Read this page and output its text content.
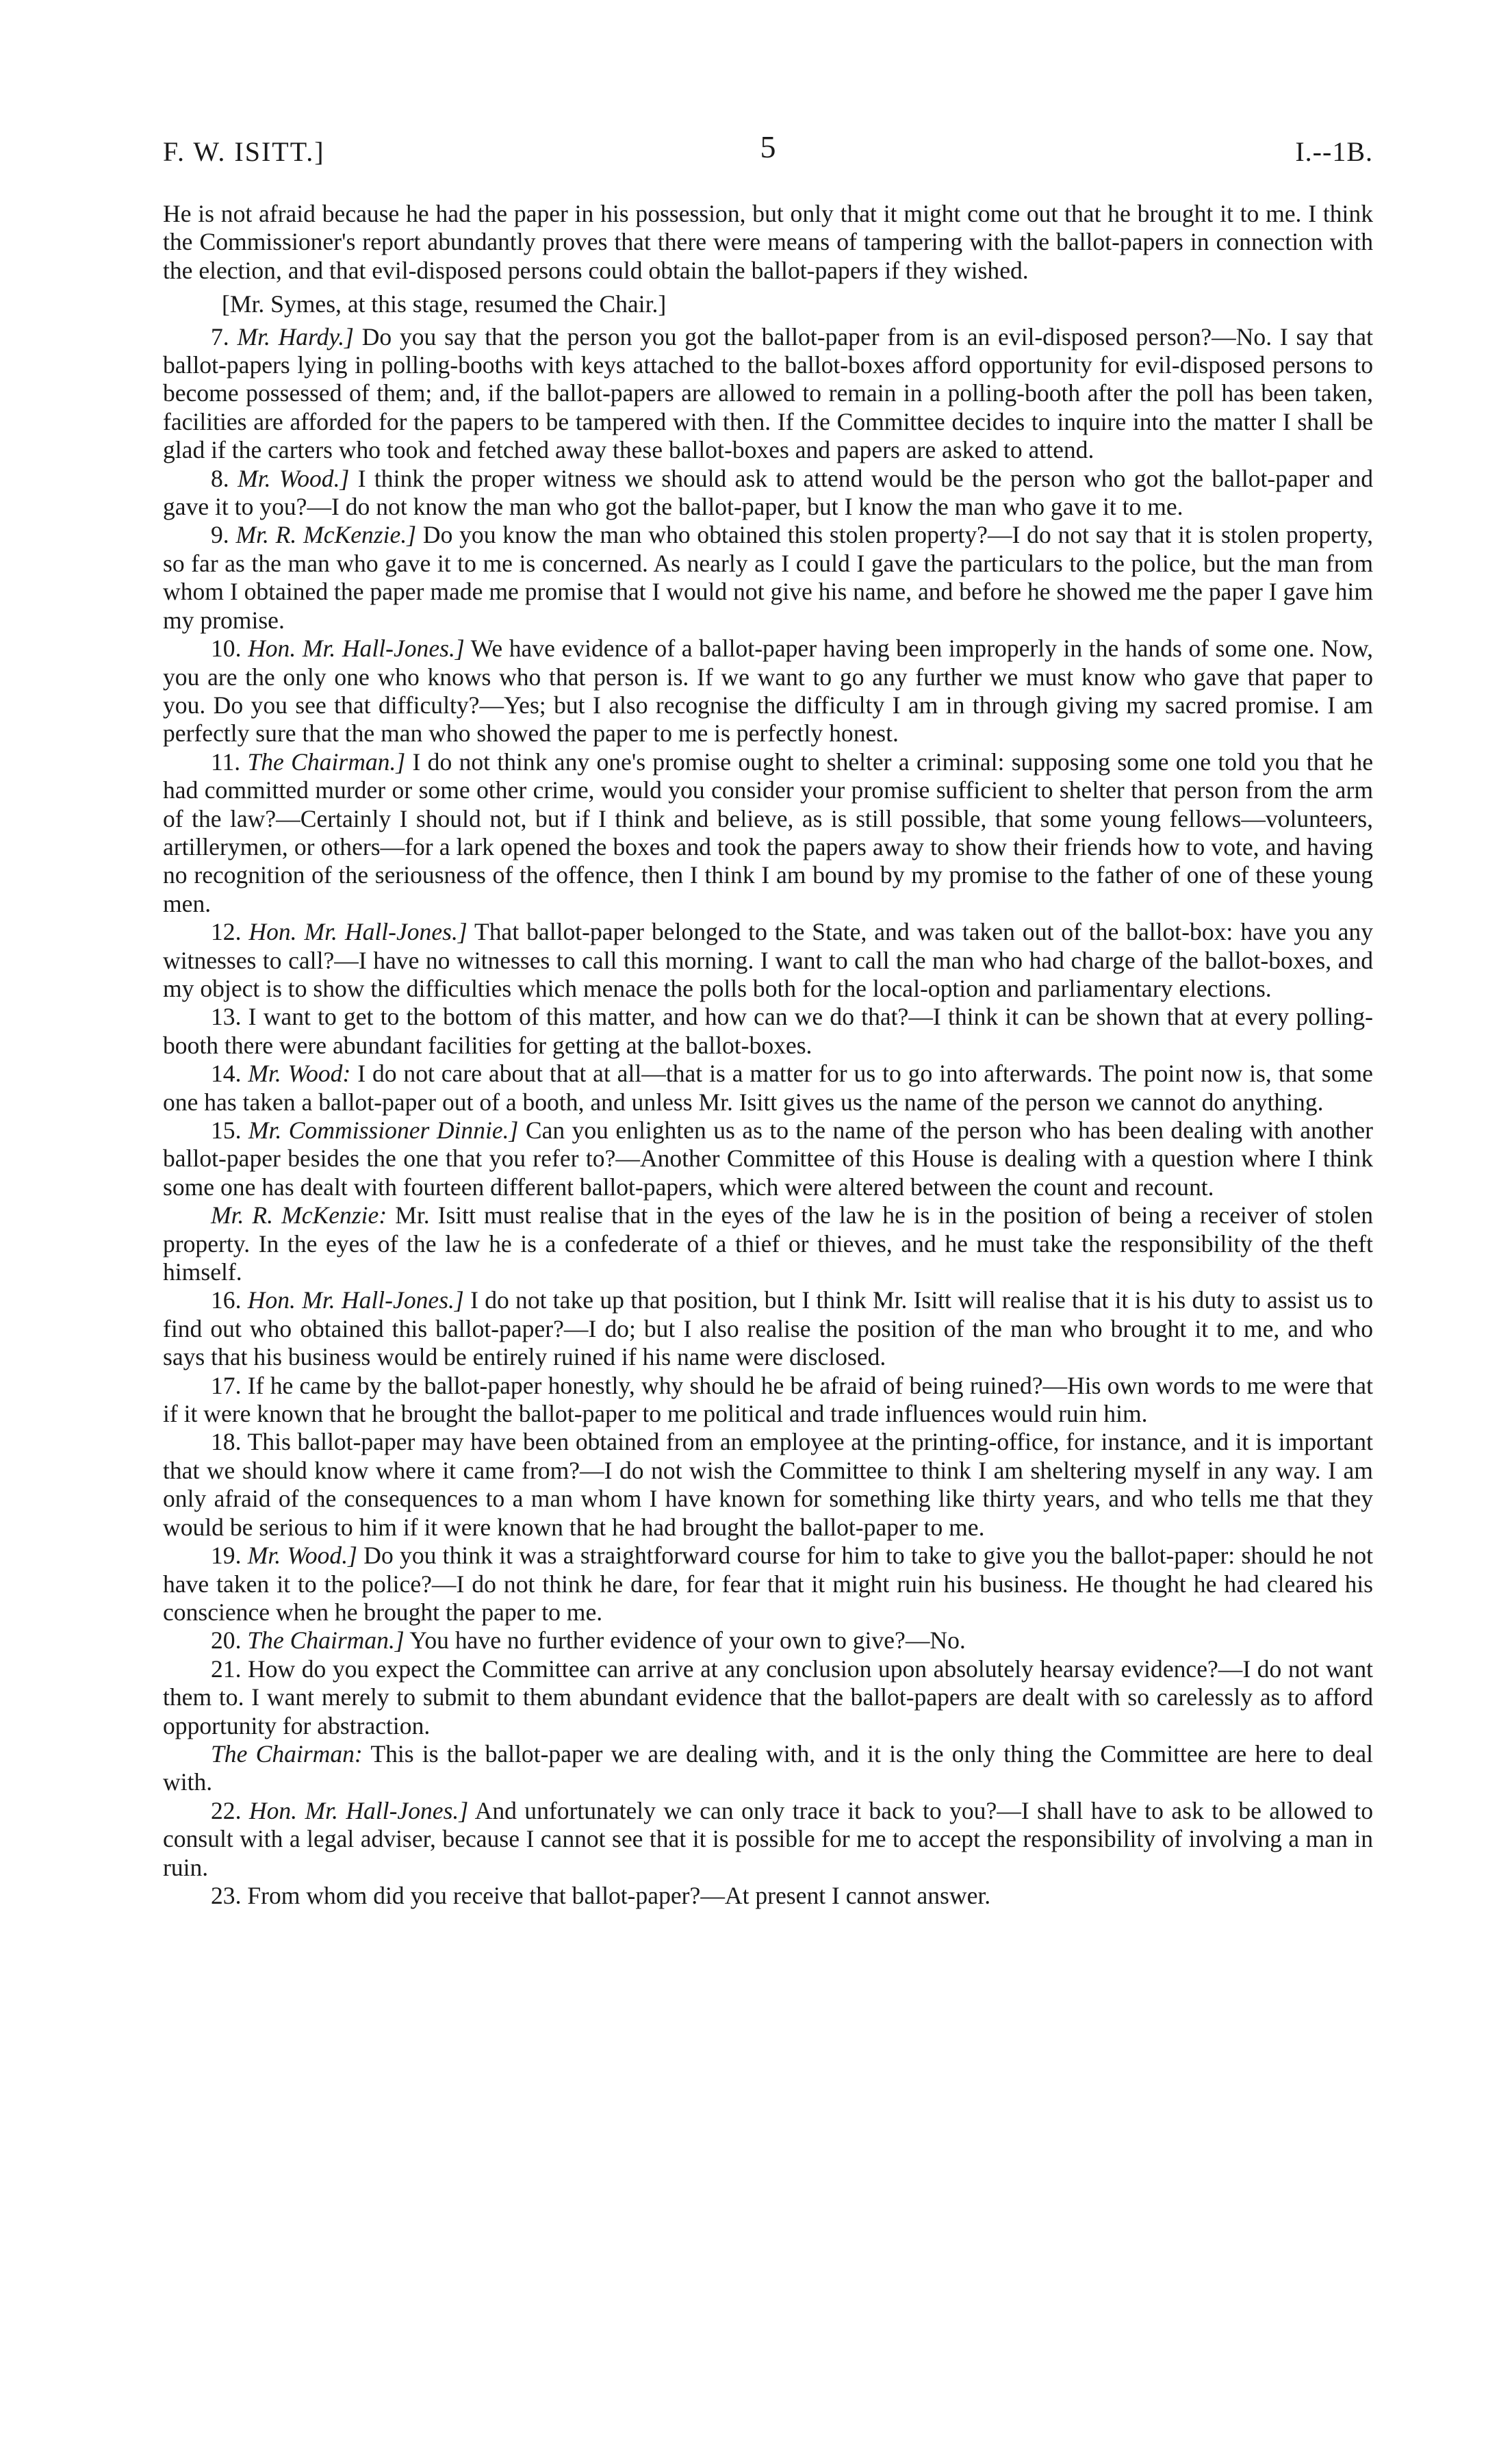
F. W. ISITT.]	5	I.--1B.

He is not afraid because he had the paper in his possession, but only that it might come out that he brought it to me. I think the Commissioner's report abundantly proves that there were means of tampering with the ballot-papers in connection with the election, and that evil-disposed persons could obtain the ballot-papers if they wished.

[Mr. Symes, at this stage, resumed the Chair.]

7. Mr. Hardy.] Do you say that the person you got the ballot-paper from is an evil-disposed person?—No. I say that ballot-papers lying in polling-booths with keys attached to the ballot-boxes afford opportunity for evil-disposed persons to become possessed of them; and, if the ballot-papers are allowed to remain in a polling-booth after the poll has been taken, facilities are afforded for the papers to be tampered with then. If the Committee decides to inquire into the matter I shall be glad if the carters who took and fetched away these ballot-boxes and papers are asked to attend.

8. Mr. Wood.] I think the proper witness we should ask to attend would be the person who got the ballot-paper and gave it to you?—I do not know the man who got the ballot-paper, but I know the man who gave it to me.

9. Mr. R. McKenzie.] Do you know the man who obtained this stolen property?—I do not say that it is stolen property, so far as the man who gave it to me is concerned. As nearly as I could I gave the particulars to the police, but the man from whom I obtained the paper made me promise that I would not give his name, and before he showed me the paper I gave him my promise.

10. Hon. Mr. Hall-Jones.] We have evidence of a ballot-paper having been improperly in the hands of some one. Now, you are the only one who knows who that person is. If we want to go any further we must know who gave that paper to you. Do you see that difficulty?—Yes; but I also recognise the difficulty I am in through giving my sacred promise. I am perfectly sure that the man who showed the paper to me is perfectly honest.

11. The Chairman.] I do not think any one's promise ought to shelter a criminal: supposing some one told you that he had committed murder or some other crime, would you consider your promise sufficient to shelter that person from the arm of the law?—Certainly I should not, but if I think and believe, as is still possible, that some young fellows—volunteers, artillerymen, or others—for a lark opened the boxes and took the papers away to show their friends how to vote, and having no recognition of the seriousness of the offence, then I think I am bound by my promise to the father of one of these young men.

12. Hon. Mr. Hall-Jones.] That ballot-paper belonged to the State, and was taken out of the ballot-box: have you any witnesses to call?—I have no witnesses to call this morning. I want to call the man who had charge of the ballot-boxes, and my object is to show the difficulties which menace the polls both for the local-option and parliamentary elections.

13. I want to get to the bottom of this matter, and how can we do that?—I think it can be shown that at every polling-booth there were abundant facilities for getting at the ballot-boxes.

14. Mr. Wood: I do not care about that at all—that is a matter for us to go into afterwards. The point now is, that some one has taken a ballot-paper out of a booth, and unless Mr. Isitt gives us the name of the person we cannot do anything.

15. Mr. Commissioner Dinnie.] Can you enlighten us as to the name of the person who has been dealing with another ballot-paper besides the one that you refer to?—Another Committee of this House is dealing with a question where I think some one has dealt with fourteen different ballot-papers, which were altered between the count and recount.

Mr. R. McKenzie: Mr. Isitt must realise that in the eyes of the law he is in the position of being a receiver of stolen property. In the eyes of the law he is a confederate of a thief or thieves, and he must take the responsibility of the theft himself.

16. Hon. Mr. Hall-Jones.] I do not take up that position, but I think Mr. Isitt will realise that it is his duty to assist us to find out who obtained this ballot-paper?—I do; but I also realise the position of the man who brought it to me, and who says that his business would be entirely ruined if his name were disclosed.

17. If he came by the ballot-paper honestly, why should he be afraid of being ruined?—His own words to me were that if it were known that he brought the ballot-paper to me political and trade influences would ruin him.

18. This ballot-paper may have been obtained from an employee at the printing-office, for instance, and it is important that we should know where it came from?—I do not wish the Committee to think I am sheltering myself in any way. I am only afraid of the consequences to a man whom I have known for something like thirty years, and who tells me that they would be serious to him if it were known that he had brought the ballot-paper to me.

19. Mr. Wood.] Do you think it was a straightforward course for him to take to give you the ballot-paper: should he not have taken it to the police?—I do not think he dare, for fear that it might ruin his business. He thought he had cleared his conscience when he brought the paper to me.

20. The Chairman.] You have no further evidence of your own to give?—No.

21. How do you expect the Committee can arrive at any conclusion upon absolutely hearsay evidence?—I do not want them to. I want merely to submit to them abundant evidence that the ballot-papers are dealt with so carelessly as to afford opportunity for abstraction.

The Chairman: This is the ballot-paper we are dealing with, and it is the only thing the Committee are here to deal with.

22. Hon. Mr. Hall-Jones.] And unfortunately we can only trace it back to you?—I shall have to ask to be allowed to consult with a legal adviser, because I cannot see that it is possible for me to accept the responsibility of involving a man in ruin.

23. From whom did you receive that ballot-paper?—At present I cannot answer.
